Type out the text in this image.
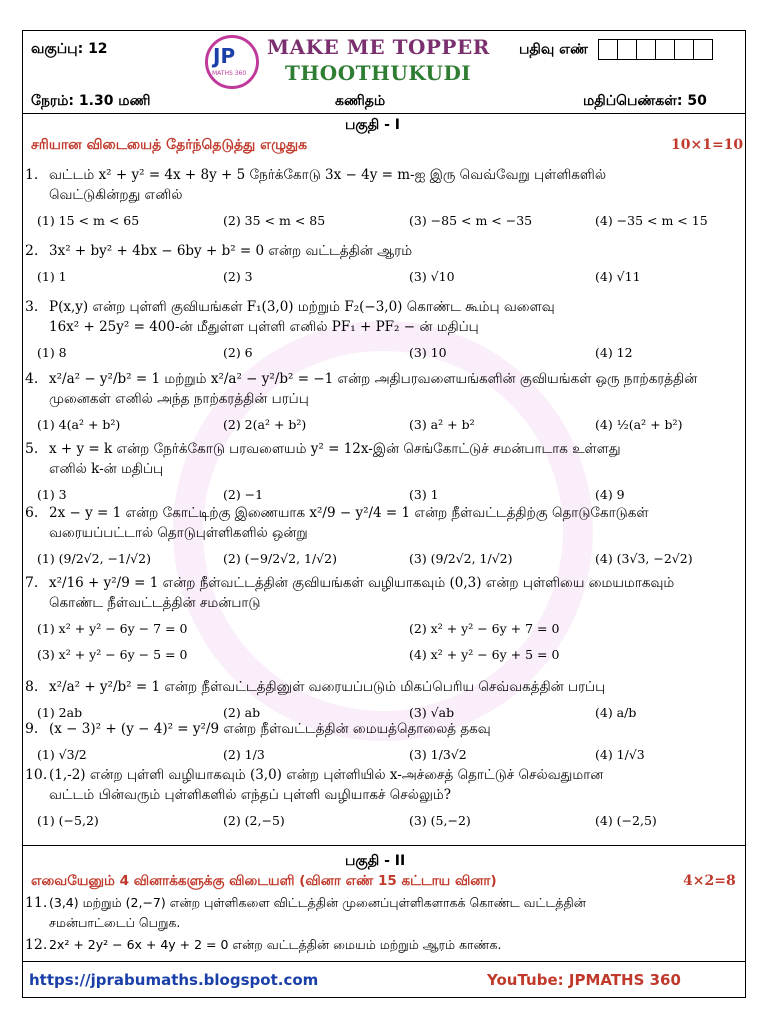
வகுப்பு: 12	JP
MATHS 360
MAKE ME TOPPER
THOOTHUKUDI
பதிவு எண்
நேரம்: 1.30 மணி	கணிதம்	மதிப்பெண்கள்: 50
பகுதி - I
சரியான விடையைத் தேர்ந்தெடுத்து எழுதுக	10×1=10
1. வட்டம் x² + y² = 4x + 8y + 5 நேர்க்கோடு 3x − 4y = m-ஐ இரு வெவ்வேறு புள்ளிகளில்
வெட்டுகின்றது எனில்
(1) 15 < m < 65	(2) 35 < m < 85	(3) −85 < m < −35	(4) −35 < m < 15
2. 3x² + by² + 4bx − 6by + b² = 0 என்ற வட்டத்தின் ஆரம்
(1) 1	(2) 3	(3) √10	(4) √11
3. P(x,y) என்ற புள்ளி குவியங்கள் F₁(3,0) மற்றும் F₂(−3,0) கொண்ட கூம்பு வளைவு
16x² + 25y² = 400-ன் மீதுள்ள புள்ளி எனில் PF₁ + PF₂ − ன் மதிப்பு
(1) 8	(2) 6	(3) 10	(4) 12
4. x²/a² − y²/b² = 1 மற்றும் x²/a² − y²/b² = −1 என்ற அதிபரவளையங்களின் குவியங்கள் ஒரு நாற்கரத்தின்
முனைகள் எனில் அந்த நாற்கரத்தின் பரப்பு
(1) 4(a² + b²)	(2) 2(a² + b²)	(3) a² + b²	(4) ½(a² + b²)
5. x + y = k என்ற நேர்க்கோடு பரவளையம் y² = 12x-இன் செங்கோட்டுச் சமன்பாடாக உள்ளது
எனில் k-ன் மதிப்பு
(1) 3	(2) −1	(3) 1	(4) 9
6. 2x − y = 1 என்ற கோட்டிற்கு இணையாக x²/9 − y²/4 = 1 என்ற நீள்வட்டத்திற்கு தொடுகோடுகள்
வரையப்பட்டால் தொடுபுள்ளிகளில் ஒன்று
(1) (9/2√2, −1/√2)	(2) (−9/2√2, 1/√2)	(3) (9/2√2, 1/√2)	(4) (3√3, −2√2)
7. x²/16 + y²/9 = 1 என்ற நீள்வட்டத்தின் குவியங்கள் வழியாகவும் (0,3) என்ற புள்ளியை மையமாகவும்
கொண்ட நீள்வட்டத்தின் சமன்பாடு
(1) x² + y² − 6y − 7 = 0	(2) x² + y² − 6y + 7 = 0
(3) x² + y² − 6y − 5 = 0	(4) x² + y² − 6y + 5 = 0
8. x²/a² + y²/b² = 1 என்ற நீள்வட்டத்தினுள் வரையப்படும் மிகப்பெரிய செவ்வகத்தின் பரப்பு
(1) 2ab	(2) ab	(3) √ab	(4) a/b
9. (x − 3)² + (y − 4)² = y²/9 என்ற நீள்வட்டத்தின் மையத்தொலைத் தகவு
(1) √3/2	(2) 1/3	(3) 1/3√2	(4) 1/√3
10. (1,-2) என்ற புள்ளி வழியாகவும் (3,0) என்ற புள்ளியில் x-அச்சைத் தொட்டுச் செல்வதுமான
வட்டம் பின்வரும் புள்ளிகளில் எந்தப் புள்ளி வழியாகச் செல்லும்?
(1) (−5,2)	(2) (2,−5)	(3) (5,−2)	(4) (−2,5)
பகுதி - II
எவையேனும் 4 வினாக்களுக்கு விடையளி (வினா எண் 15 கட்டாய வினா)	4×2=8
11. (3,4) மற்றும் (2,−7) என்ற புள்ளிகளை விட்டத்தின் முனைப்புள்ளிகளாகக் கொண்ட வட்டத்தின்
சமன்பாட்டைப் பெறுக.
12. 2x² + 2y² − 6x + 4y + 2 = 0 என்ற வட்டத்தின் மையம் மற்றும் ஆரம் காண்க.
https://jprabumaths.blogspot.com	YouTube: JPMATHS 360
